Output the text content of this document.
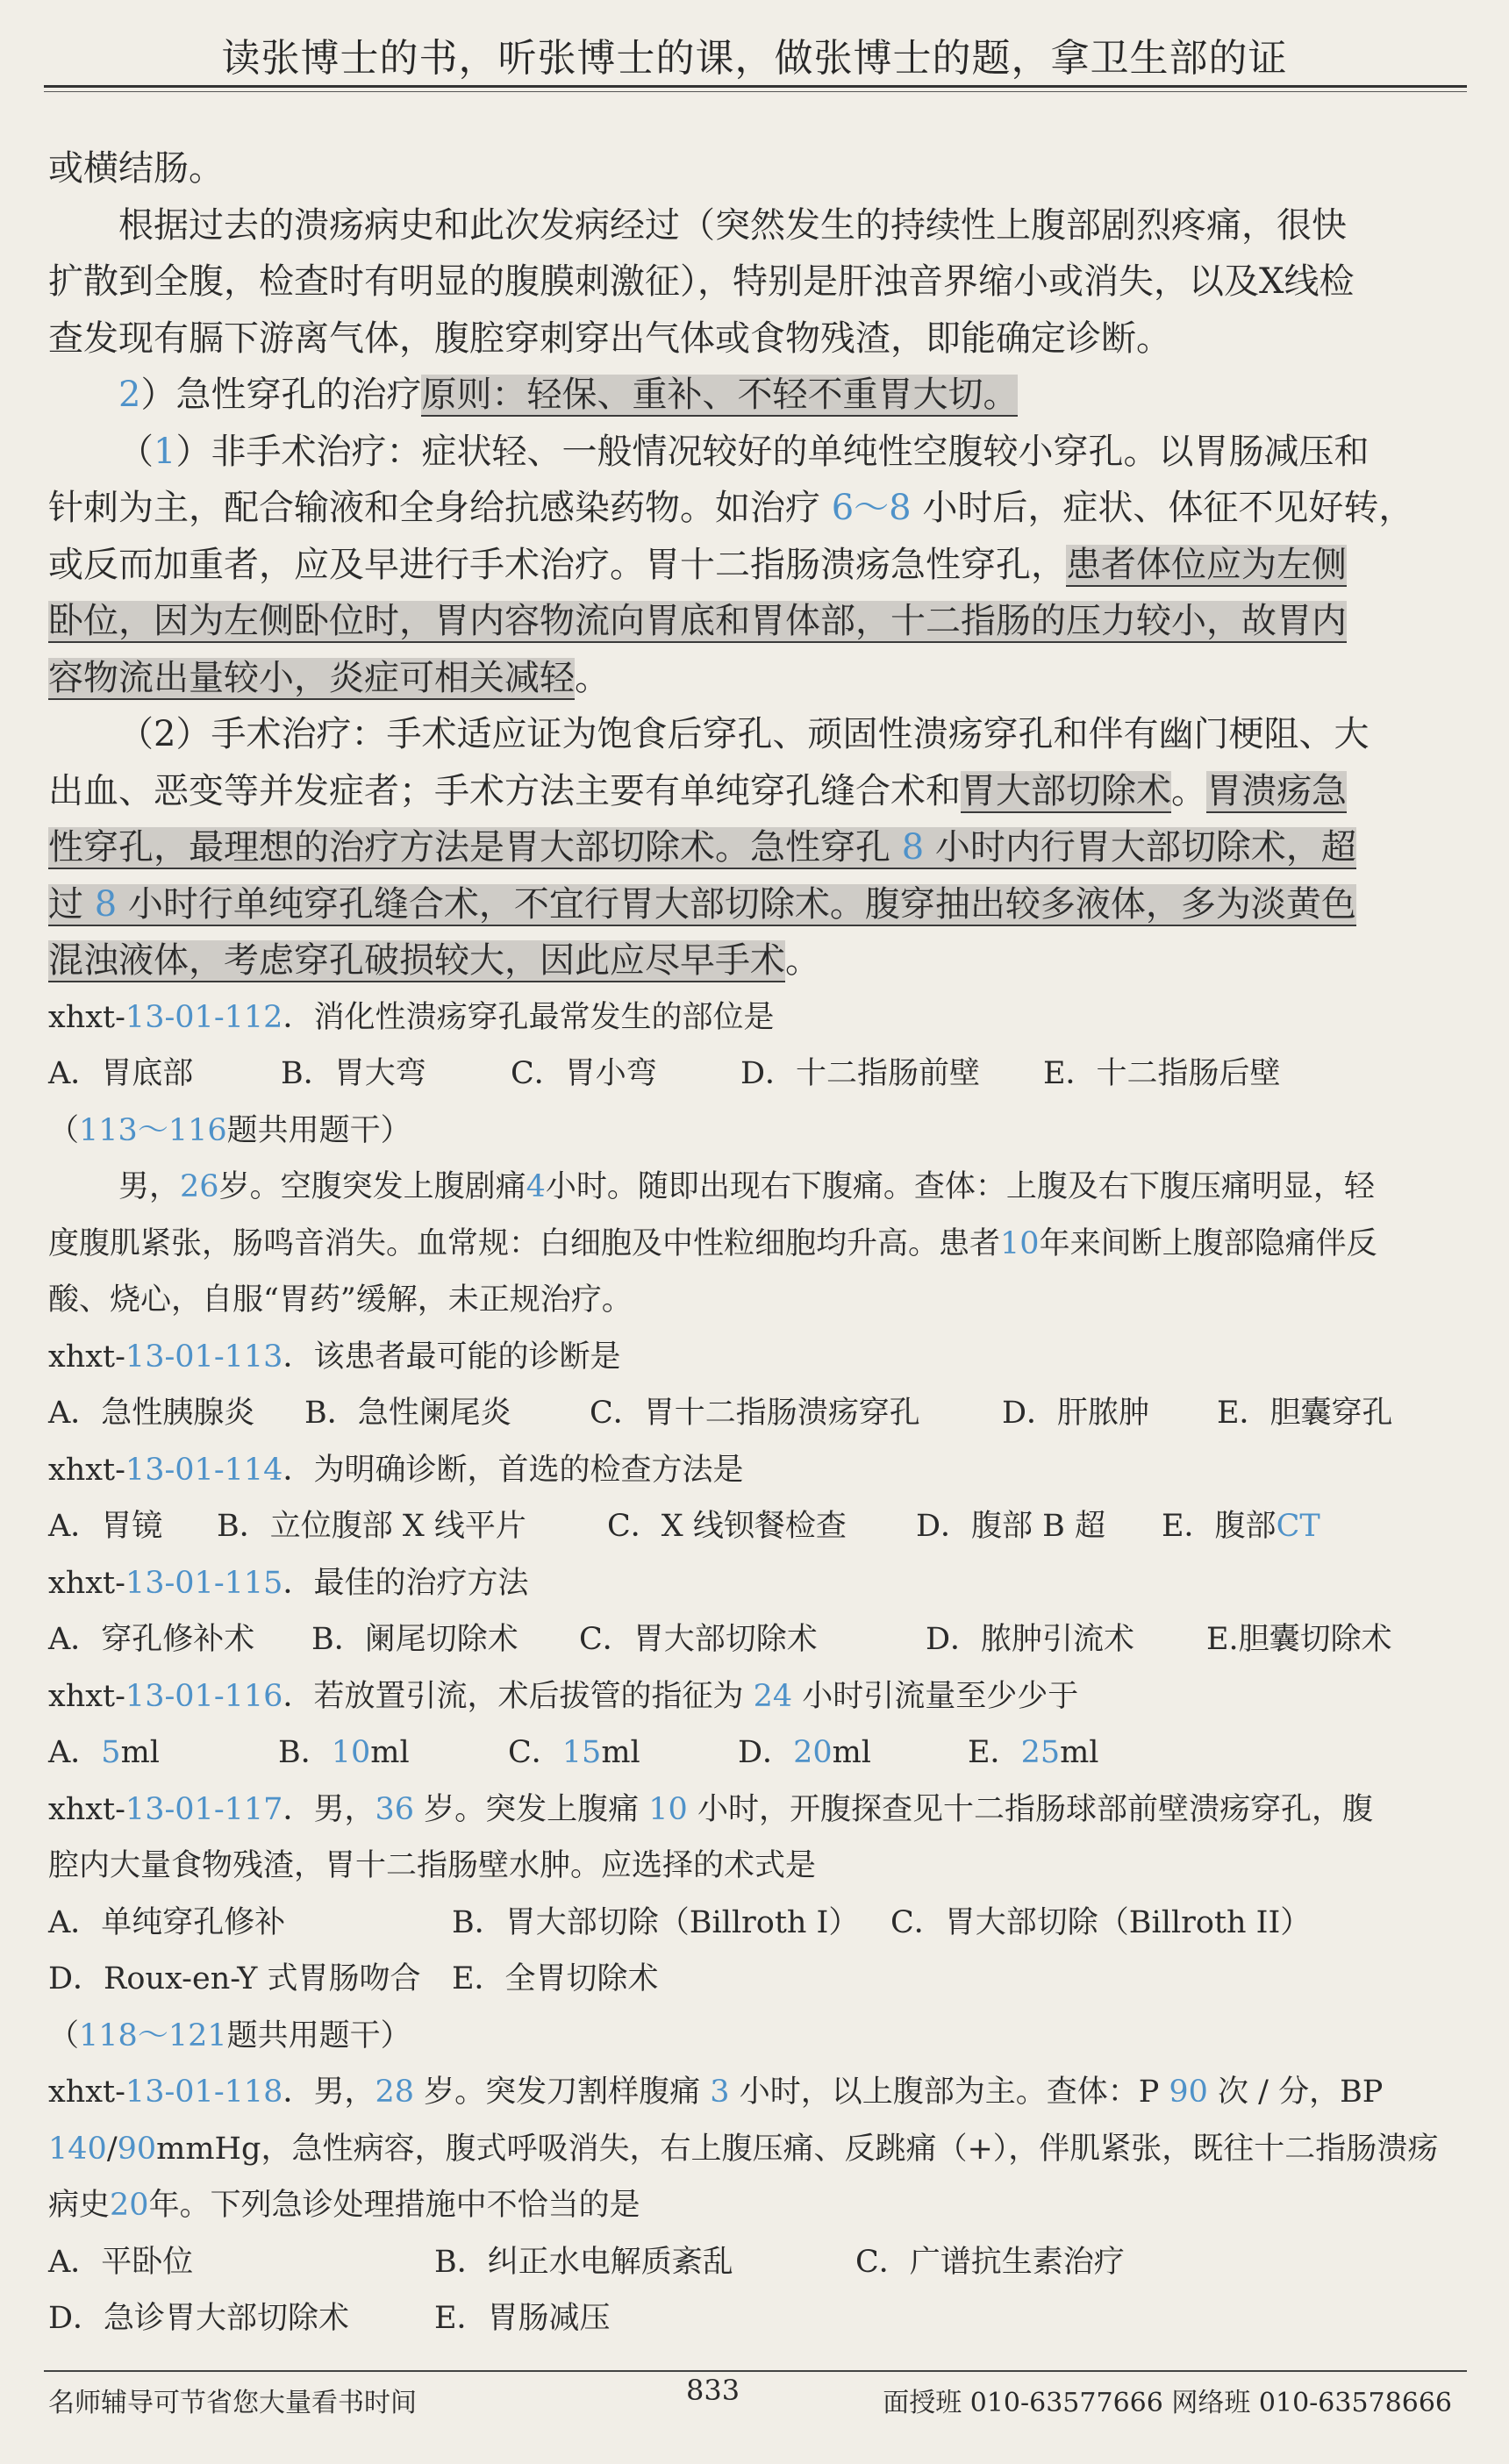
读张博士的书，听张博士的课，做张博士的题，拿卫生部的证

或横结肠。

根据过去的溃疡病史和此次发病经过（突然发生的持续性上腹部剧烈疼痛，很快

扩散到全腹，检查时有明显的腹膜刺激征），特别是肝浊音界缩小或消失，以及X线检

查发现有膈下游离气体，腹腔穿刺穿出气体或食物残渣，即能确定诊断。

2）急性穿孔的治疗原则：轻保、重补、不轻不重胃大切。

（1）非手术治疗：症状轻、一般情况较好的单纯性空腹较小穿孔。以胃肠减压和

针刺为主，配合输液和全身给抗感染药物。如治疗 6～8 小时后，症状、体征不见好转，

或反而加重者，应及早进行手术治疗。胃十二指肠溃疡急性穿孔，患者体位应为左侧

卧位，因为左侧卧位时，胃内容物流向胃底和胃体部，十二指肠的压力较小，故胃内

容物流出量较小，炎症可相关减轻。

（2）手术治疗：手术适应证为饱食后穿孔、顽固性溃疡穿孔和伴有幽门梗阻、大

出血、恶变等并发症者；手术方法主要有单纯穿孔缝合术和胃大部切除术。胃溃疡急

性穿孔，最理想的治疗方法是胃大部切除术。急性穿孔 8 小时内行胃大部切除术，超

过 8 小时行单纯穿孔缝合术，不宜行胃大部切除术。腹穿抽出较多液体，多为淡黄色

混浊液体，考虑穿孔破损较大，因此应尽早手术。

xhxt-13-01-112．消化性溃疡穿孔最常发生的部位是

A．胃底部	B．胃大弯	C．胃小弯	D．十二指肠前壁 E．十二指肠后壁

（113～116题共用题干）

男，26岁。空腹突发上腹剧痛4小时。随即出现右下腹痛。查体：上腹及右下腹压痛明显，轻

度腹肌紧张，肠鸣音消失。血常规：白细胞及中性粒细胞均升高。患者10年来间断上腹部隐痛伴反

酸、烧心，自服“胃药”缓解，未正规治疗。

xhxt-13-01-113．该患者最可能的诊断是

A．急性胰腺炎 B．急性阑尾炎	C．胃十二指肠溃疡穿孔	D．肝脓肿 E．胆囊穿孔

xhxt-13-01-114．为明确诊断，首选的检查方法是

A．胃镜 B．立位腹部 X 线平片	C．X 线钡餐检查 D．腹部 B 超 E．腹部CT

xhxt-13-01-115．最佳的治疗方法

A．穿孔修补术 B．阑尾切除术 C．胃大部切除术	D．脓肿引流术 E.胆囊切除术

xhxt-13-01-116．若放置引流，术后拔管的指征为 24 小时引流量至少少于

A．5ml	B．10ml	C．15ml	D．20ml	E．25ml

xhxt-13-01-117．男，36 岁。突发上腹痛 10 小时，开腹探查见十二指肠球部前壁溃疡穿孔，腹

腔内大量食物残渣，胃十二指肠壁水肿。应选择的术式是

A．单纯穿孔修补	B．胃大部切除（Billroth I） C．胃大部切除（Billroth II）

D．Roux-en-Y 式胃肠吻合 E．全胃切除术

（118～121题共用题干）

xhxt-13-01-118．男，28 岁。突发刀割样腹痛 3 小时，以上腹部为主。查体：P 90 次 / 分，BP

140/90mmHg，急性病容，腹式呼吸消失，右上腹压痛、反跳痛（+），伴肌紧张，既往十二指肠溃疡

病史20年。下列急诊处理措施中不恰当的是

A．平卧位	B．纠正水电解质紊乱	C．广谱抗生素治疗

D．急诊胃大部切除术	E．胃肠减压

名师辅导可节省您大量看书时间	833	面授班 010-63577666 网络班 010-63578666
